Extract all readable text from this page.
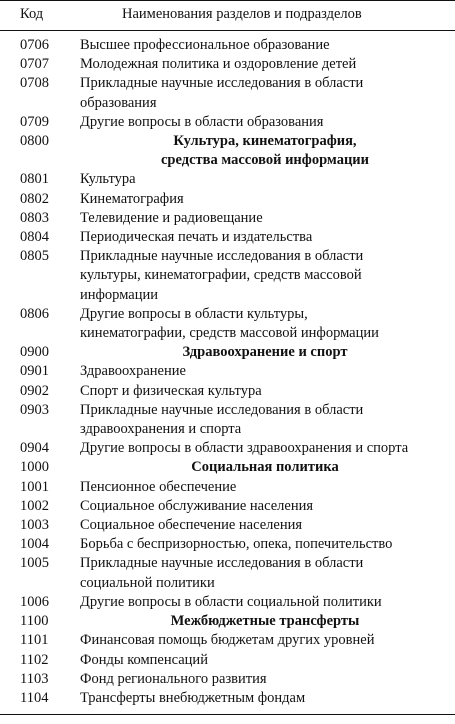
Код	Наименования разделов и подразделов
0706 Высшее профессиональное образование
0707 Молодежная политика и оздоровление детей
0708 Прикладные научные исследования в области
образования
0709 Другие вопросы в области образования
0800	Культура, кинематография,
средства массовой информации
0801 Культура
0802 Кинематография
0803 Телевидение и радиовещание
0804 Периодическая печать и издательства
0805 Прикладные научные исследования в области
культуры, кинематографии, средств массовой
информации
0806 Другие вопросы в области культуры,
кинематографии, средств массовой информации
0900	Здравоохранение и спорт
0901 Здравоохранение
0902 Спорт и физическая культура
0903 Прикладные научные исследования в области
здравоохранения и спорта
0904 Другие вопросы в области здравоохранения и спорта
1000	Социальная политика
1001 Пенсионное обеспечение
1002 Социальное обслуживание населения
1003 Социальное обеспечение населения
1004 Борьба с беспризорностью, опека, попечительство
1005 Прикладные научные исследования в области
социальной политики
1006 Другие вопросы в области социальной политики
1100	Межбюджетные трансферты
1101 Финансовая помощь бюджетам других уровней
1102 Фонды компенсаций
1103 Фонд регионального развития
1104 Трансферты внебюджетным фондам
